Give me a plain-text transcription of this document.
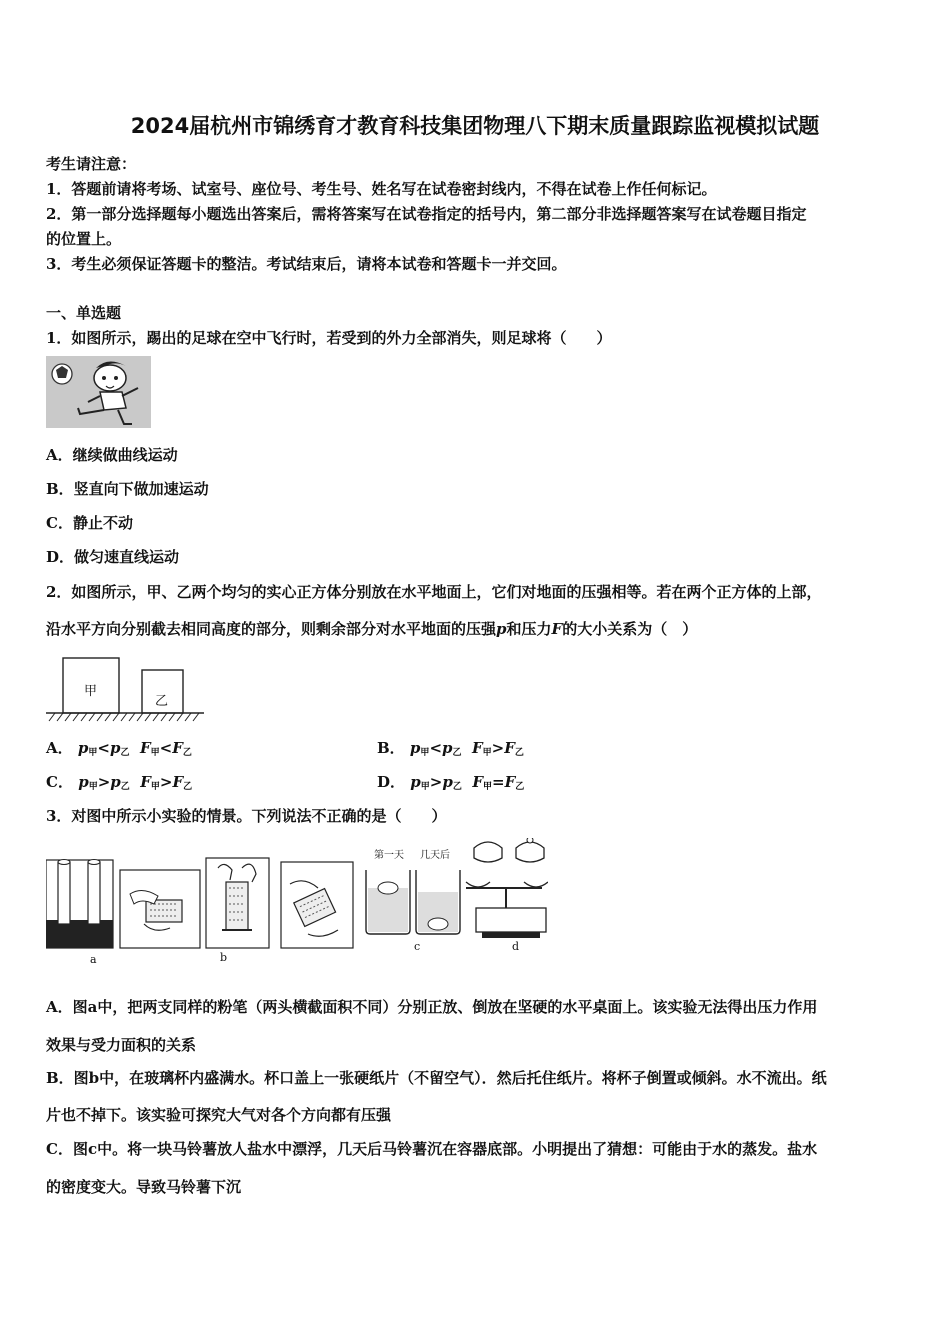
2024届杭州市锦绣育才教育科技集团物理八下期末质量跟踪监视模拟试题
考生请注意：
1．答题前请将考场、试室号、座位号、考生号、姓名写在试卷密封线内，不得在试卷上作任何标记。
2．第一部分选择题每小题选出答案后，需将答案写在试卷指定的括号内，第二部分非选择题答案写在试卷题目指定
的位置上。
3．考生必须保证答题卡的整洁。考试结束后，请将本试卷和答题卡一并交回。
一、单选题
1．如图所示，踢出的足球在空中飞行时，若受到的外力全部消失，则足球将（　　）
A．继续做曲线运动
B．竖直向下做加速运动
C．静止不动
D．做匀速直线运动
2．如图所示，甲、乙两个均匀的实心正方体分别放在水平地面上，它们对地面的压强相等。若在两个正方体的上部，
沿水平方向分别截去相同高度的部分，则剩余部分对水平地面的压强p和压力F的大小关系为（　）
甲
乙
A． $p_甲<p_乙$ $F_甲<F_乙$	B． $p_甲<p_乙$ $F_甲>F_乙$
C． $p_甲>p_乙$ $F_甲>F_乙$	D． $p_甲>p_乙$ $F_甲=F_乙$
3．对图中所示小实验的情景。下列说法不正确的是（　　）
a	b
c	d
第一天 几天后
A．图a中，把两支同样的粉笔（两头横截面积不同）分别正放、倒放在坚硬的水平桌面上。该实验无法得出压力作用
效果与受力面积的关系
B．图b中，在玻璃杯内盛满水。杯口盖上一张硬纸片（不留空气）．然后托住纸片。将杯子倒置或倾斜。水不流出。纸
片也不掉下。该实验可探究大气对各个方向都有压强
C．图c中。将一块马铃薯放人盐水中漂浮，几天后马铃薯沉在容器底部。小明提出了猜想：可能由于水的蒸发。盐水
的密度变大。导致马铃薯下沉
